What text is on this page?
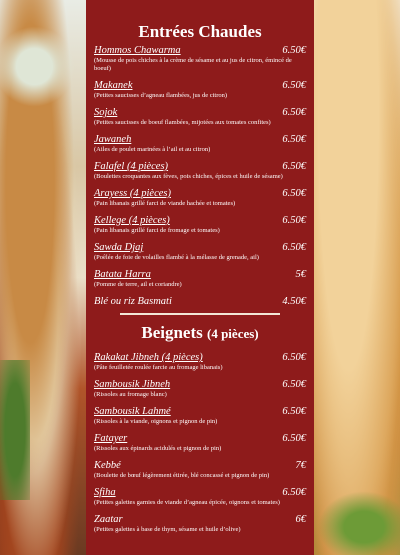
Entrées Chaudes
Hommos Chawarma	6.50€
(Mousse de pois chiches à la crème de sésame et au jus de citron, émincé de boeuf)
Makanek	6.50€
(Petites saucisses d’agneau flambées, jus de citron)
Sojok	6.50€
(Petites saucisses de boeuf flambées, mijotées aux tomates confites)
Jawaneh	6.50€
(Ailes de poulet marinées à l’ail et au citron)
Falafel (4 pièces)	6.50€
(Boulettes croquantes aux fèves, pois chiches, épices et huile de sésame)
Arayess (4 pièces)	6.50€
(Pain libanais grillé farci de viande hachée et tomates)
Kellege (4 pièces)	6.50€
(Pain libanais grillé farci de fromage et tomates)
Sawda Djaj	6.50€
(Poêlée de foie de volailles flambé à la mélasse de grenade, ail)
Batata Harra	5€
(Pomme de terre, ail et coriandre)
Blé ou riz Basmati	4.50€
Beignets (4 pièces)
Rakakat Jibneh (4 pièces)	6.50€
(Pâte feuilletée roulée farcie au fromage libanais)
Sambousik Jibneh	6.50€
(Rissoles au fromage blanc)
Sambousik Lahmé	6.50€
(Rissoles à la viande, oignons et pignon de pin)
Fatayer	6.50€
(Rissoles aux épinards acidulés et pignon de pin)
Kebbé	7€
(Boulette de bœuf légèrement étirée, blé concassé et pignon de pin)
Sfiha	6.50€
(Petites galettes garnies de viande d’agneau épicée, oignons et tomates)
Zaatar	6€
(Petites galettes à base de thym, sésame et huile d’olive)
